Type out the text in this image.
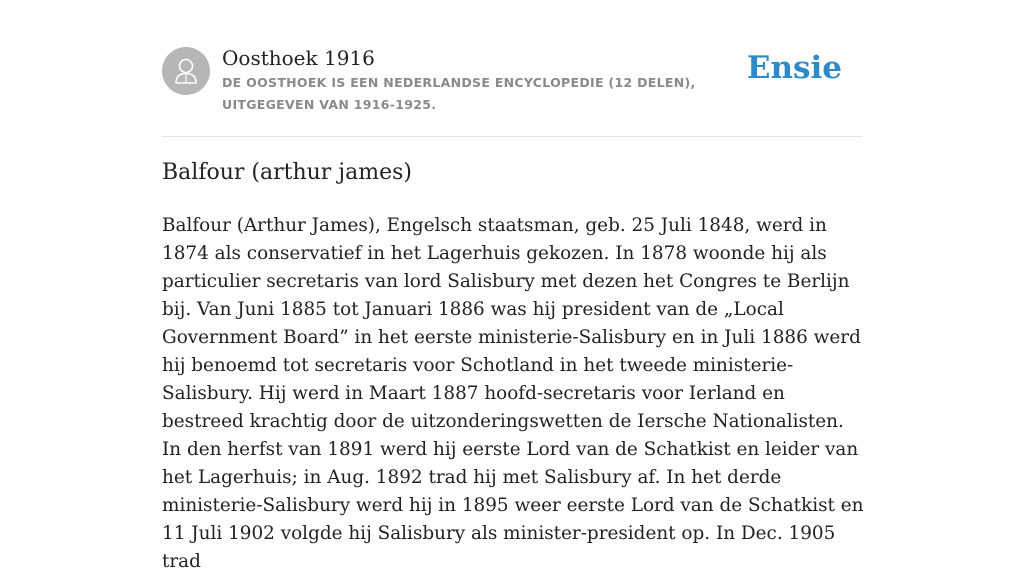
Oosthoek 1916
DE OOSTHOEK IS EEN NEDERLANDSE ENCYCLOPEDIE (12 DELEN), UITGEGEVEN VAN 1916-1925.
Ensie
Balfour (arthur james)

Balfour (Arthur James), Engelsch staatsman, geb. 25 Juli 1848, werd in 1874 als conservatief in het Lagerhuis gekozen. In 1878 woonde hij als particulier secretaris van lord Salisbury met dezen het Congres te Berlijn bij. Van Juni 1885 tot Januari 1886 was hij president van de „Local Government Board” in het eerste ministerie-Salisbury en in Juli 1886 werd hij benoemd tot secretaris voor Schotland in het tweede ministerie-Salisbury. Hij werd in Maart 1887 hoofd-secretaris voor Ierland en bestreed krachtig door de uitzonderingswetten de Iersche Nationalisten. In den herfst van 1891 werd hij eerste Lord van de Schatkist en leider van het Lagerhuis; in Aug. 1892 trad hij met Salisbury af. In het derde ministerie-Salisbury werd hij in 1895 weer eerste Lord van de Schatkist en 11 Juli 1902 volgde hij Salisbury als minister-president op. In Dec. 1905 trad
